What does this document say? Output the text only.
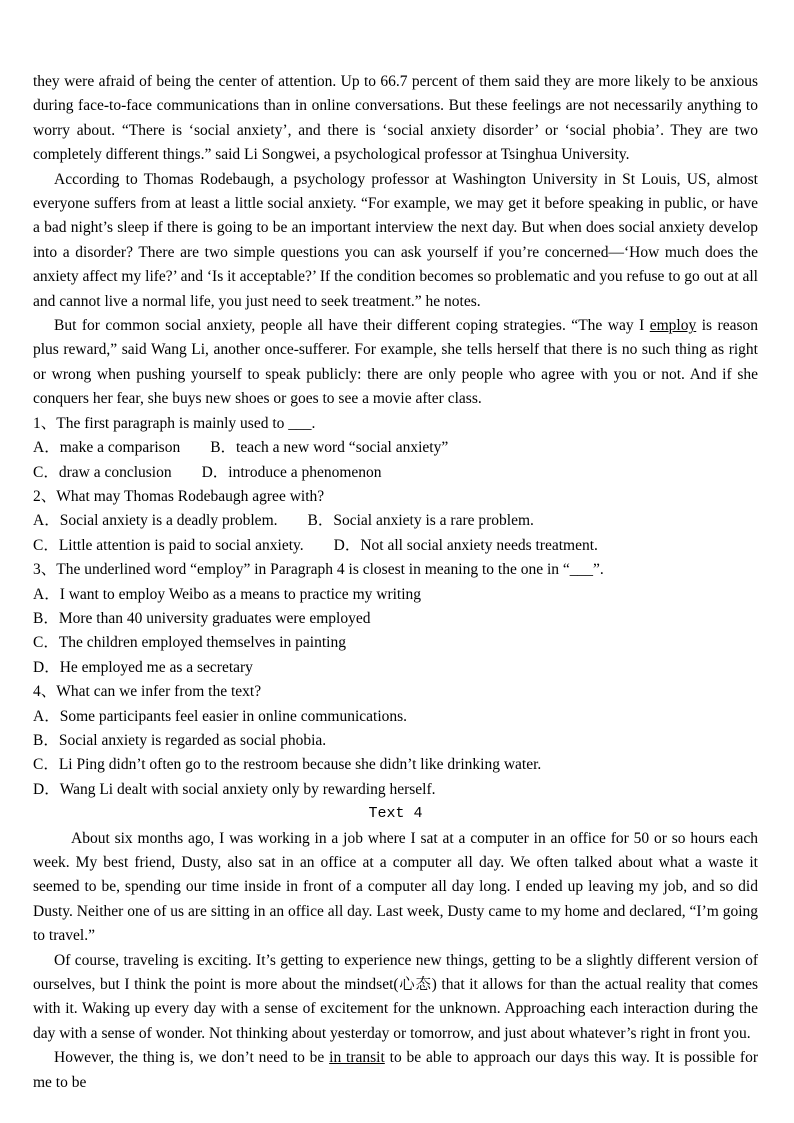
they were afraid of being the center of attention. Up to 66.7 percent of them said they are more likely to be anxious during face-to-face communications than in online conversations. But these feelings are not necessarily anything to worry about. “There is ‘social anxiety’, and there is ‘social anxiety disorder’ or ‘social phobia’. They are two completely different things.” said Li Songwei, a psychological professor at Tsinghua University.

According to Thomas Rodebaugh, a psychology professor at Washington University in St Louis, US, almost everyone suffers from at least a little social anxiety. “For example, we may get it before speaking in public, or have a bad night’s sleep if there is going to be an important interview the next day. But when does social anxiety develop into a disorder? There are two simple questions you can ask yourself if you’re concerned—‘How much does the anxiety affect my life?’ and ‘Is it acceptable?’ If the condition becomes so problematic and you refuse to go out at all and cannot live a normal life, you just need to seek treatment.” he notes.

But for common social anxiety, people all have their different coping strategies. “The way I employ is reason plus reward,” said Wang Li, another once-sufferer. For example, she tells herself that there is no such thing as right or wrong when pushing yourself to speak publicly: there are only people who agree with you or not. And if she conquers her fear, she buys new shoes or goes to see a movie after class.

1、The first paragraph is mainly used to ___.
A．make a comparison B．teach a new word “social anxiety”
C．draw a conclusion D．introduce a phenomenon
2、What may Thomas Rodebaugh agree with?
A．Social anxiety is a deadly problem. B．Social anxiety is a rare problem.
C．Little attention is paid to social anxiety. D．Not all social anxiety needs treatment.
3、The underlined word “employ” in Paragraph 4 is closest in meaning to the one in “___”.
A．I want to employ Weibo as a means to practice my writing
B．More than 40 university graduates were employed
C．The children employed themselves in painting
D．He employed me as a secretary
4、What can we infer from the text?
A．Some participants feel easier in online communications.
B．Social anxiety is regarded as social phobia.
C．Li Ping didn’t often go to the restroom because she didn’t like drinking water.
D．Wang Li dealt with social anxiety only by rewarding herself.
Text 4

About six months ago, I was working in a job where I sat at a computer in an office for 50 or so hours each week. My best friend, Dusty, also sat in an office at a computer all day. We often talked about what a waste it seemed to be, spending our time inside in front of a computer all day long. I ended up leaving my job, and so did Dusty. Neither one of us are sitting in an office all day. Last week, Dusty came to my home and declared, “I’m going to travel.”

Of course, traveling is exciting. It’s getting to experience new things, getting to be a slightly different version of ourselves, but I think the point is more about the mindset(心态) that it allows for than the actual reality that comes with it. Waking up every day with a sense of excitement for the unknown. Approaching each interaction during the day with a sense of wonder. Not thinking about yesterday or tomorrow, and just about whatever’s right in front you.

However, the thing is, we don’t need to be in transit to be able to approach our days this way. It is possible for me to be
